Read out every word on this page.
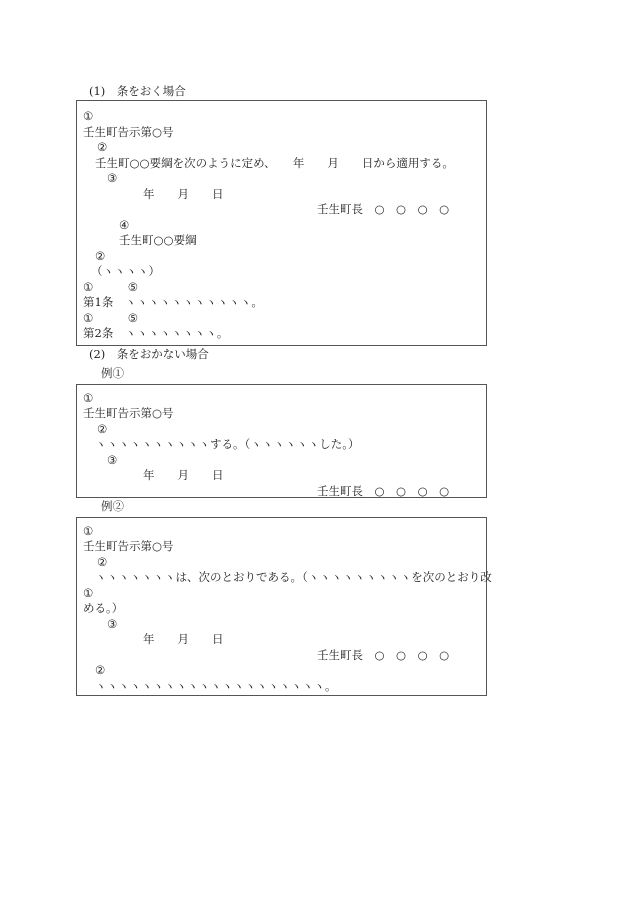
(1)　条をおく場合
①
壬生町告示第○号
②
壬生町○○要綱を次のように定め、　　年　　月　　日から適用する。
③
年　　月　　日
壬生町長　○　○　○　○
④
壬生町○○要綱
②
（ヽヽヽヽ）
①　　　⑤
第1条　ヽヽヽヽヽヽヽヽヽヽヽ。
①　　　⑤
第2条　ヽヽヽヽヽヽヽヽ。
(2)　条をおかない場合
例①
①
壬生町告示第○号
②
ヽヽヽヽヽヽヽヽヽヽする。（ヽヽヽヽヽヽした。）
③
年　　月　　日
壬生町長　○　○　○　○
例②
①
壬生町告示第○号
②
ヽヽヽヽヽヽヽは、次のとおりである。（ヽヽヽヽヽヽヽヽヽを次のとおり改
①
める。）
③
年　　月　　日
壬生町長　○　○　○　○
②
ヽヽヽヽヽヽヽヽヽヽヽヽヽヽヽヽヽヽヽヽ。
